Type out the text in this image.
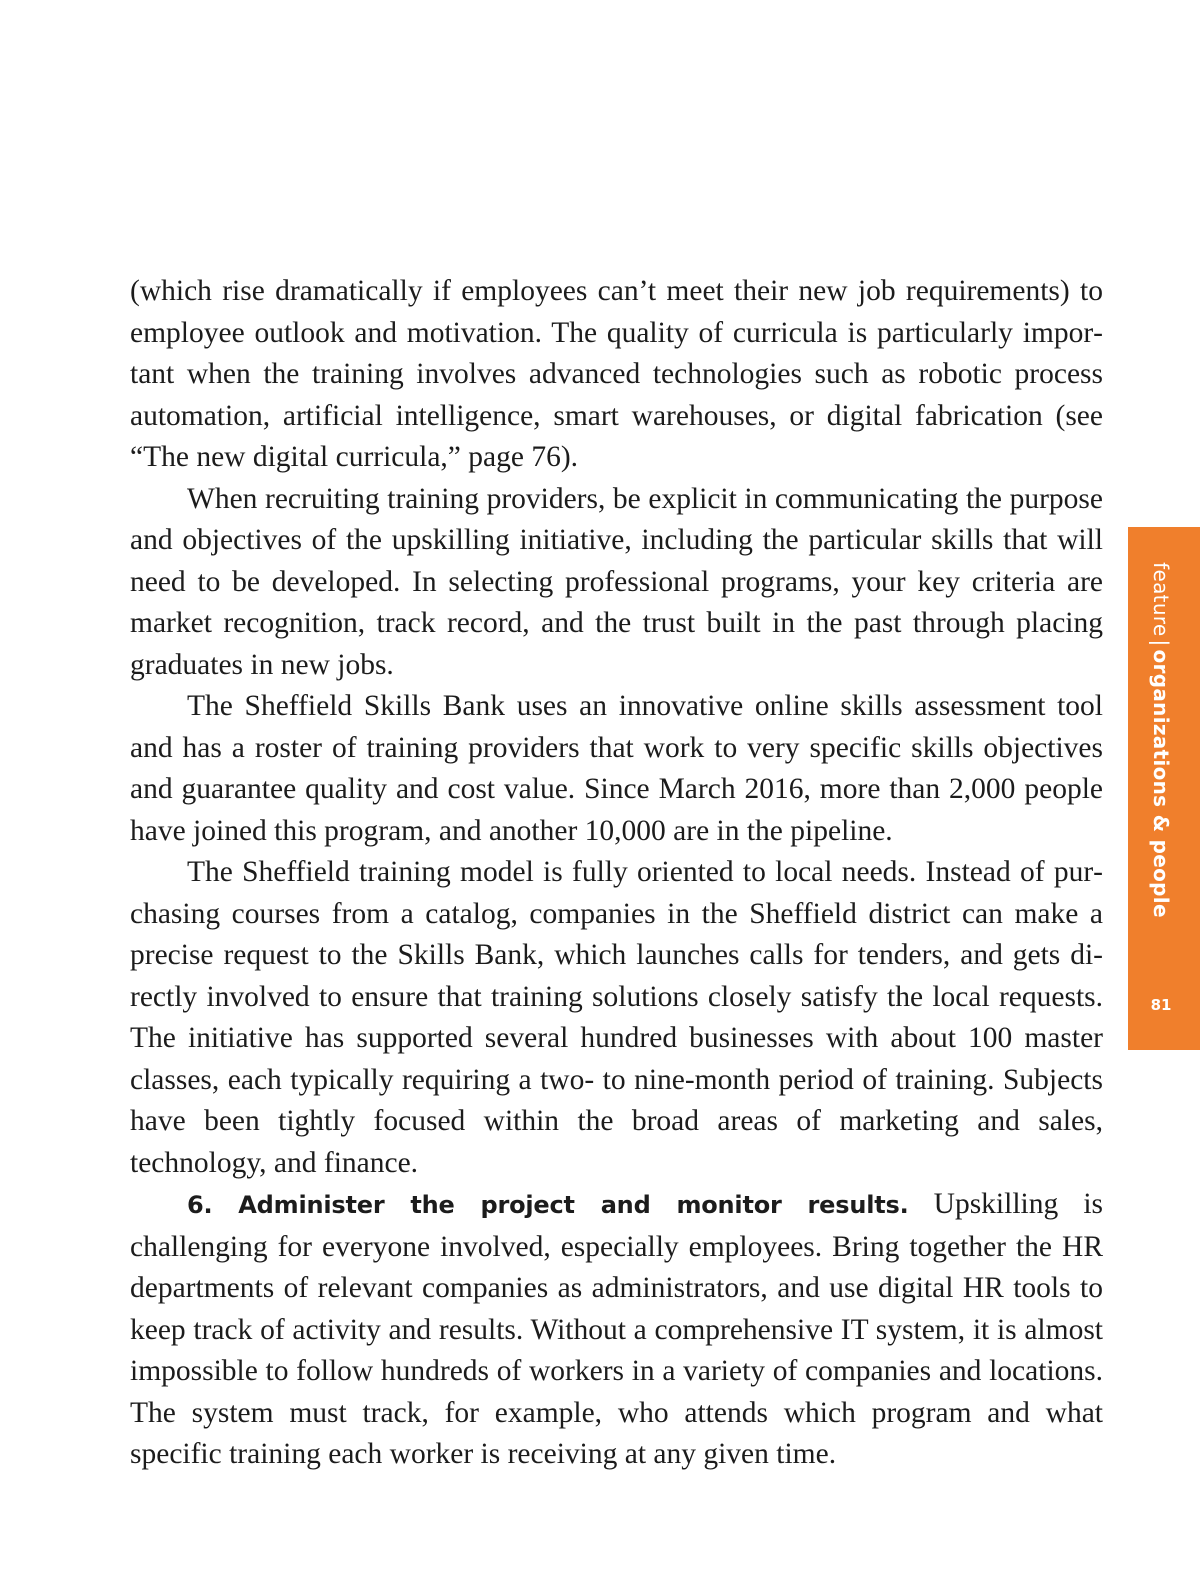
(which rise dramatically if employees can’t meet their new job requirements) to employee outlook and motivation. The quality of curricula is particularly important when the training involves advanced technologies such as robotic process automation, artificial intelligence, smart warehouses, or digital fabrication (see “The new digital curricula,” page 76).

When recruiting training providers, be explicit in communicating the purpose and objectives of the upskilling initiative, including the particular skills that will need to be developed. In selecting professional programs, your key criteria are market recognition, track record, and the trust built in the past through placing graduates in new jobs.

The Sheffield Skills Bank uses an innovative online skills assessment tool and has a roster of training providers that work to very specific skills objectives and guarantee quality and cost value. Since March 2016, more than 2,000 people have joined this program, and another 10,000 are in the pipeline.

The Sheffield training model is fully oriented to local needs. Instead of purchasing courses from a catalog, companies in the Sheffield district can make a precise request to the Skills Bank, which launches calls for tenders, and gets directly involved to ensure that training solutions closely satisfy the local requests. The initiative has supported several hundred businesses with about 100 master classes, each typically requiring a two- to nine-month period of training. Subjects have been tightly focused within the broad areas of marketing and sales, technology, and finance.

6. Administer the project and monitor results. Upskilling is challenging for everyone involved, especially employees. Bring together the HR departments of relevant companies as administrators, and use digital HR tools to keep track of activity and results. Without a comprehensive IT system, it is almost impossible to follow hundreds of workers in a variety of companies and locations. The system must track, for example, who attends which program and what specific training each worker is receiving at any given time.

feature|organizations & people
81
